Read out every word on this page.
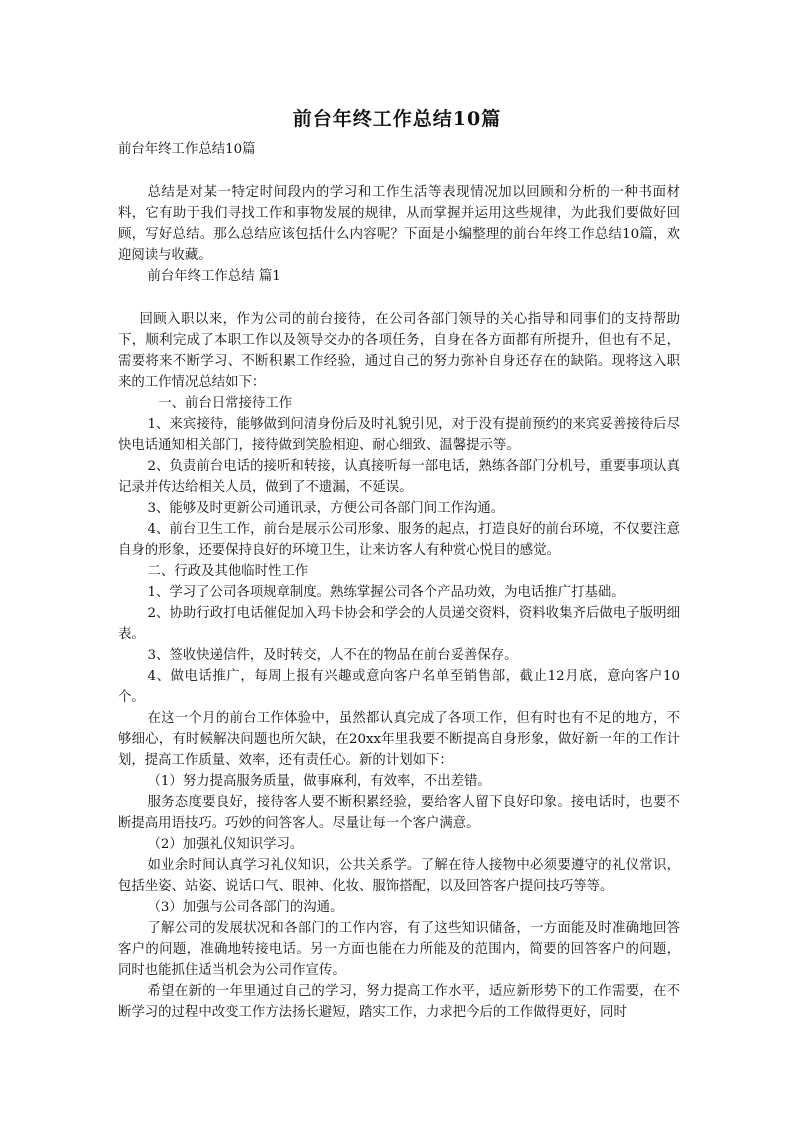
前台年终工作总结10篇

前台年终工作总结10篇

总结是对某一特定时间段内的学习和工作生活等表现情况加以回顾和分析的一种书面材料，它有助于我们寻找工作和事物发展的规律，从而掌握并运用这些规律，为此我们要做好回顾，写好总结。那么总结应该包括什么内容呢？下面是小编整理的前台年终工作总结10篇，欢迎阅读与收藏。

前台年终工作总结 篇1

回顾入职以来，作为公司的前台接待，在公司各部门领导的关心指导和同事们的支持帮助下，顺利完成了本职工作以及领导交办的各项任务，自身在各方面都有所提升，但也有不足，需要将来不断学习、不断积累工作经验，通过自己的努力弥补自身还存在的缺陷。现将这入职来的工作情况总结如下：

一、前台日常接待工作

1、来宾接待，能够做到问清身份后及时礼貌引见，对于没有提前预约的来宾妥善接待后尽快电话通知相关部门，接待做到笑脸相迎、耐心细致、温馨提示等。

2、负责前台电话的接听和转接，认真接听每一部电话，熟练各部门分机号，重要事项认真记录并传达给相关人员，做到了不遗漏，不延误。

3、能够及时更新公司通讯录，方便公司各部门间工作沟通。

4、前台卫生工作，前台是展示公司形象、服务的起点，打造良好的前台环境，不仅要注意自身的形象，还要保持良好的环境卫生，让来访客人有种赏心悦目的感觉。

二、行政及其他临时性工作

1、学习了公司各项规章制度。熟练掌握公司各个产品功效，为电话推广打基础。

2、协助行政打电话催促加入玛卡协会和学会的人员递交资料，资料收集齐后做电子版明细表。

3、签收快递信件，及时转交，人不在的物品在前台妥善保存。

4、做电话推广，每周上报有兴趣或意向客户名单至销售部，截止12月底，意向客户10个。

在这一个月的前台工作体验中，虽然都认真完成了各项工作，但有时也有不足的地方，不够细心，有时候解决问题也所欠缺，在20xx年里我要不断提高自身形象，做好新一年的工作计划，提高工作质量、效率，还有责任心。新的计划如下：

（1）努力提高服务质量，做事麻利，有效率，不出差错。

服务态度要良好，接待客人要不断积累经验，要给客人留下良好印象。接电话时，也要不断提高用语技巧。巧妙的问答客人。尽量让每一个客户满意。

（2）加强礼仪知识学习。

如业余时间认真学习礼仪知识，公共关系学。了解在待人接物中必须要遵守的礼仪常识，包括坐姿、站姿、说话口气、眼神、化妆、服饰搭配，以及回答客户提问技巧等等。

（3）加强与公司各部门的沟通。

了解公司的发展状况和各部门的工作内容，有了这些知识储备，一方面能及时准确地回答客户的问题，准确地转接电话。另一方面也能在力所能及的范围内，简要的回答客户的问题，同时也能抓住适当机会为公司作宣传。

希望在新的一年里通过自己的学习，努力提高工作水平，适应新形势下的工作需要，在不断学习的过程中改变工作方法扬长避短，踏实工作，力求把今后的工作做得更好，同时
